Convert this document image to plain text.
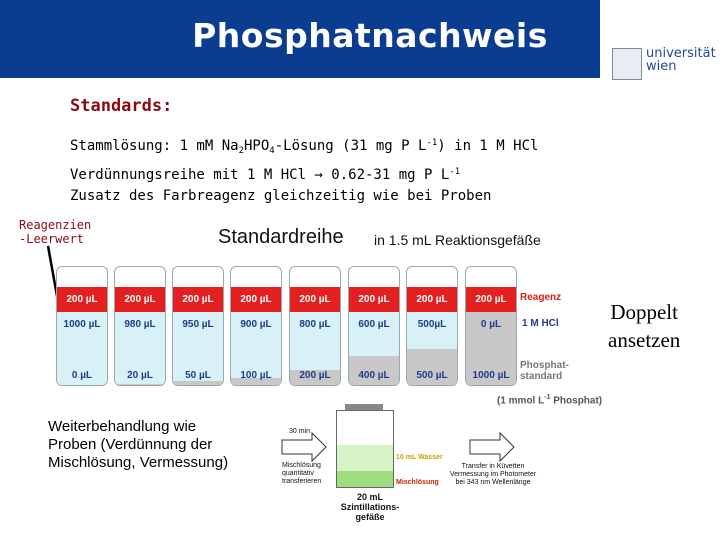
Phosphatnachweis	universität
wien
Standards:
Stammlösung: 1 mM $Na_2HPO_4$-Lösung (31 mg P $L^{-1}$) in 1 M HCl
Verdünnungsreihe mit 1 M HCl → 0.62-31 mg P $L^{-1}$
Zusatz des Farbreagenz gleichzeitig wie bei Proben
Reagenzien
-Leerwert	Standardreihe in 1.5 mL Reaktionsgefäße
200 µL
1000 µL
0 µL
200 µL
980 µL
20 µL
200 µL
950 µL
50 µL
200 µL
900 µL
100 µL
200 µL
800 µL
200 µL
200 µL
600 µL
400 µL
200 µL
500µL
500 µL
200 µL
0 µL
1000 µL
Reagenz
1 M HCl
Phosphat-
standard
(1 mmol $L^{-1}$ Phosphat)
Doppelt
ansetzen
Weiterbehandlung wie
Proben (Verdünnung der
Mischlösung, Vermessung)
30 min
Mischlösung
quantitativ
transferieren
10 mL Wasser
Mischlösung
20 mL
Szintillations-
gefäße
Transfer in Küvetten
Vermessung im Photometer
bei 343 nm Wellenlänge
